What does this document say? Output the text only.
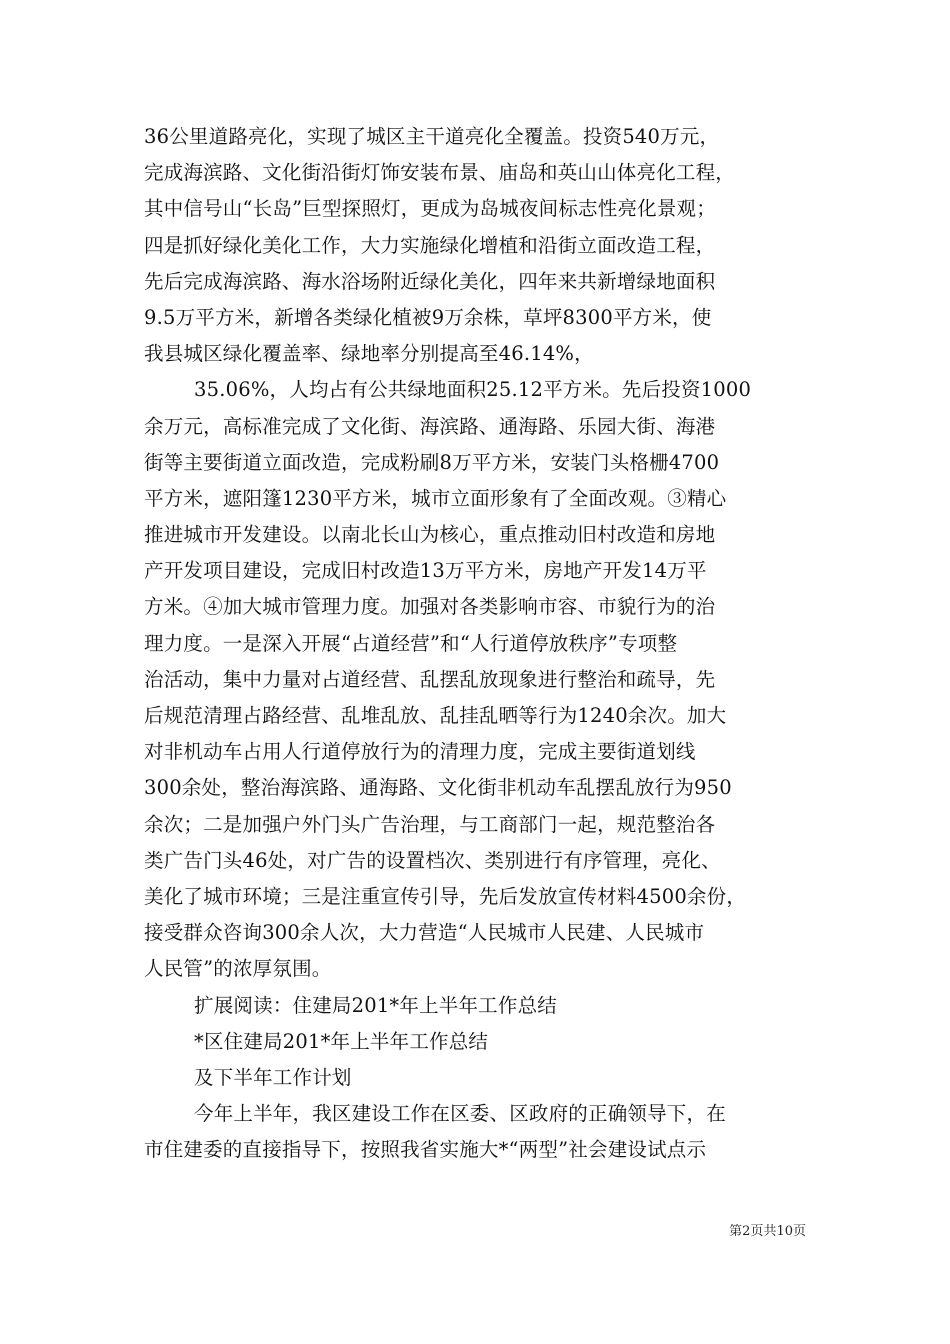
36公里道路亮化，实现了城区主干道亮化全覆盖。投资540万元，
完成海滨路、文化街沿街灯饰安装布景、庙岛和英山山体亮化工程，
其中信号山“长岛”巨型探照灯，更成为岛城夜间标志性亮化景观；
四是抓好绿化美化工作，大力实施绿化增植和沿街立面改造工程，
先后完成海滨路、海水浴场附近绿化美化，四年来共新增绿地面积
9.5万平方米，新增各类绿化植被9万余株，草坪8300平方米，使
我县城区绿化覆盖率、绿地率分别提高至46.14%，
35.06%，人均占有公共绿地面积25.12平方米。先后投资1000
余万元，高标准完成了文化街、海滨路、通海路、乐园大街、海港
街等主要街道立面改造，完成粉刷8万平方米，安装门头格栅4700
平方米，遮阳篷1230平方米，城市立面形象有了全面改观。③精心
推进城市开发建设。以南北长山为核心，重点推动旧村改造和房地
产开发项目建设，完成旧村改造13万平方米，房地产开发14万平
方米。④加大城市管理力度。加强对各类影响市容、市貌行为的治
理力度。一是深入开展“占道经营”和“人行道停放秩序”专项整
治活动，集中力量对占道经营、乱摆乱放现象进行整治和疏导，先
后规范清理占路经营、乱堆乱放、乱挂乱晒等行为1240余次。加大
对非机动车占用人行道停放行为的清理力度，完成主要街道划线
300余处，整治海滨路、通海路、文化街非机动车乱摆乱放行为950
余次；二是加强户外门头广告治理，与工商部门一起，规范整治各
类广告门头46处，对广告的设置档次、类别进行有序管理，亮化、
美化了城市环境；三是注重宣传引导，先后发放宣传材料4500余份，
接受群众咨询300余人次，大力营造“人民城市人民建、人民城市
人民管”的浓厚氛围。
扩展阅读：住建局201*年上半年工作总结
*区住建局201*年上半年工作总结
及下半年工作计划
今年上半年，我区建设工作在区委、区政府的正确领导下，在
市住建委的直接指导下，按照我省实施大*“两型”社会建设试点示
第2页共10页
